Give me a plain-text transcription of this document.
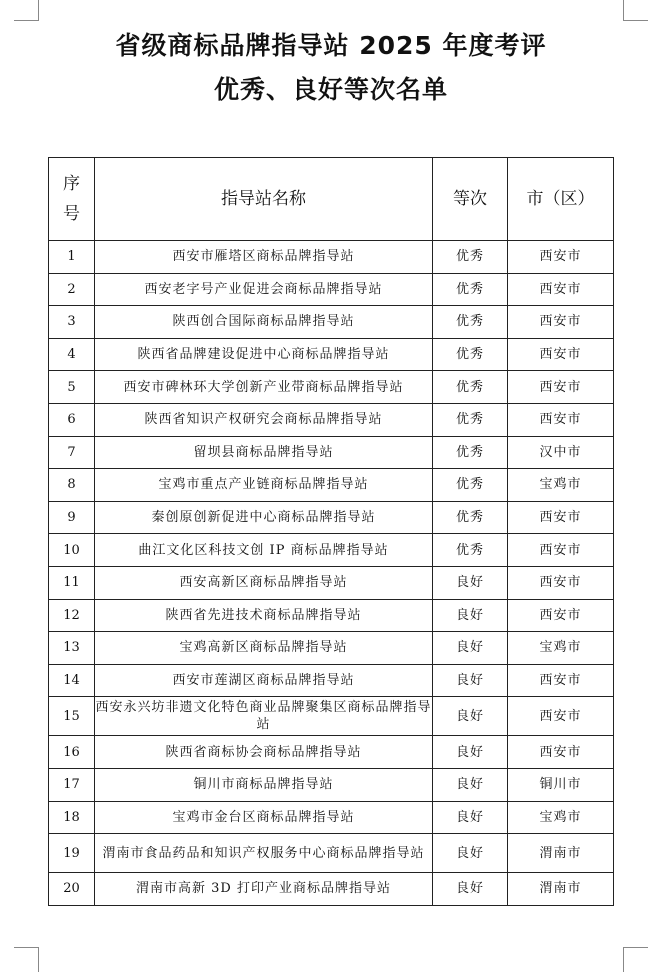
省级商标品牌指导站 2025 年度考评
优秀、良好等次名单
序
号	指导站名称	等次	市（区）
1	西安市雁塔区商标品牌指导站	优秀	西安市
2	西安老字号产业促进会商标品牌指导站	优秀	西安市
3	陕西创合国际商标品牌指导站	优秀	西安市
4	陕西省品牌建设促进中心商标品牌指导站	优秀	西安市
5	西安市碑林环大学创新产业带商标品牌指导站	优秀	西安市
6	陕西省知识产权研究会商标品牌指导站	优秀	西安市
7	留坝县商标品牌指导站	优秀	汉中市
8	宝鸡市重点产业链商标品牌指导站	优秀	宝鸡市
9	秦创原创新促进中心商标品牌指导站	优秀	西安市
10	曲江文化区科技文创 IP 商标品牌指导站	优秀	西安市
11	西安高新区商标品牌指导站	良好	西安市
12	陕西省先进技术商标品牌指导站	良好	西安市
13	宝鸡高新区商标品牌指导站	良好	宝鸡市
14	西安市莲湖区商标品牌指导站	良好	西安市
15	西安永兴坊非遗文化特色商业品牌聚集区商标品牌指导站	良好	西安市
16	陕西省商标协会商标品牌指导站	良好	西安市
17	铜川市商标品牌指导站	良好	铜川市
18	宝鸡市金台区商标品牌指导站	良好	宝鸡市
19	渭南市食品药品和知识产权服务中心商标品牌指导站	良好	渭南市
20	渭南市高新 3D 打印产业商标品牌指导站	良好	渭南市
